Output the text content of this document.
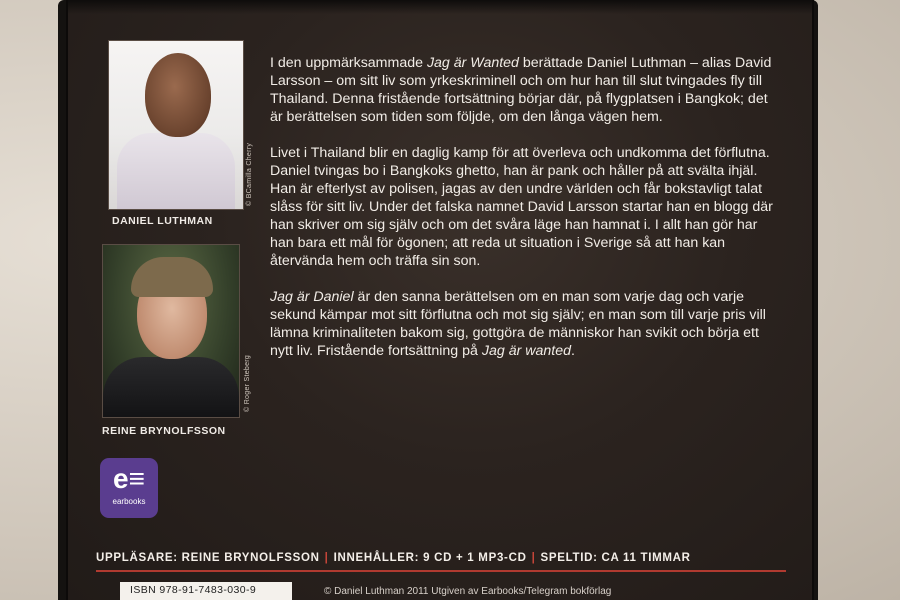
© BCamilla Cherry
DANIEL LUTHMAN
© Roger Steberg
REINE BRYNOLFSSON
e≡
earbooks

I den uppmärksammade Jag är Wanted berättade Daniel Luthman – alias David Larsson – om sitt liv som yrkeskriminell och om hur han till slut tvingades fly till Thailand. Denna fristående fortsättning börjar där, på flygplatsen i Bangkok; det är berättelsen som tiden som följde, om den långa vägen hem.

Livet i Thailand blir en daglig kamp för att överleva och undkomma det förflutna. Daniel tvingas bo i Bangkoks ghetto, han är pank och håller på att svälta ihjäl. Han är efterlyst av polisen, jagas av den undre världen och får bokstavligt talat slåss för sitt liv. Under det falska namnet David Larsson startar han en blogg där han skriver om sig själv och om det svåra läge han hamnat i. I allt han gör har han bara ett mål för ögonen; att reda ut situation i Sverige så att han kan återvända hem och träffa sin son.

Jag är Daniel är den sanna berättelsen om en man som varje dag och varje sekund kämpar mot sitt förflutna och mot sig själv; en man som till varje pris vill lämna kriminaliteten bakom sig, gottgöra de människor han svikit och börja ett nytt liv. Fristående fortsättning på Jag är wanted.

UPPLÄSARE: REINE BRYNOLFSSON | INNEHÅLLER: 9 CD + 1 MP3-CD | SPELTID: CA 11 TIMMAR
ISBN 978-91-7483-030-9	© Daniel Luthman 2011 Utgiven av Earbooks/Telegram bokförlag
